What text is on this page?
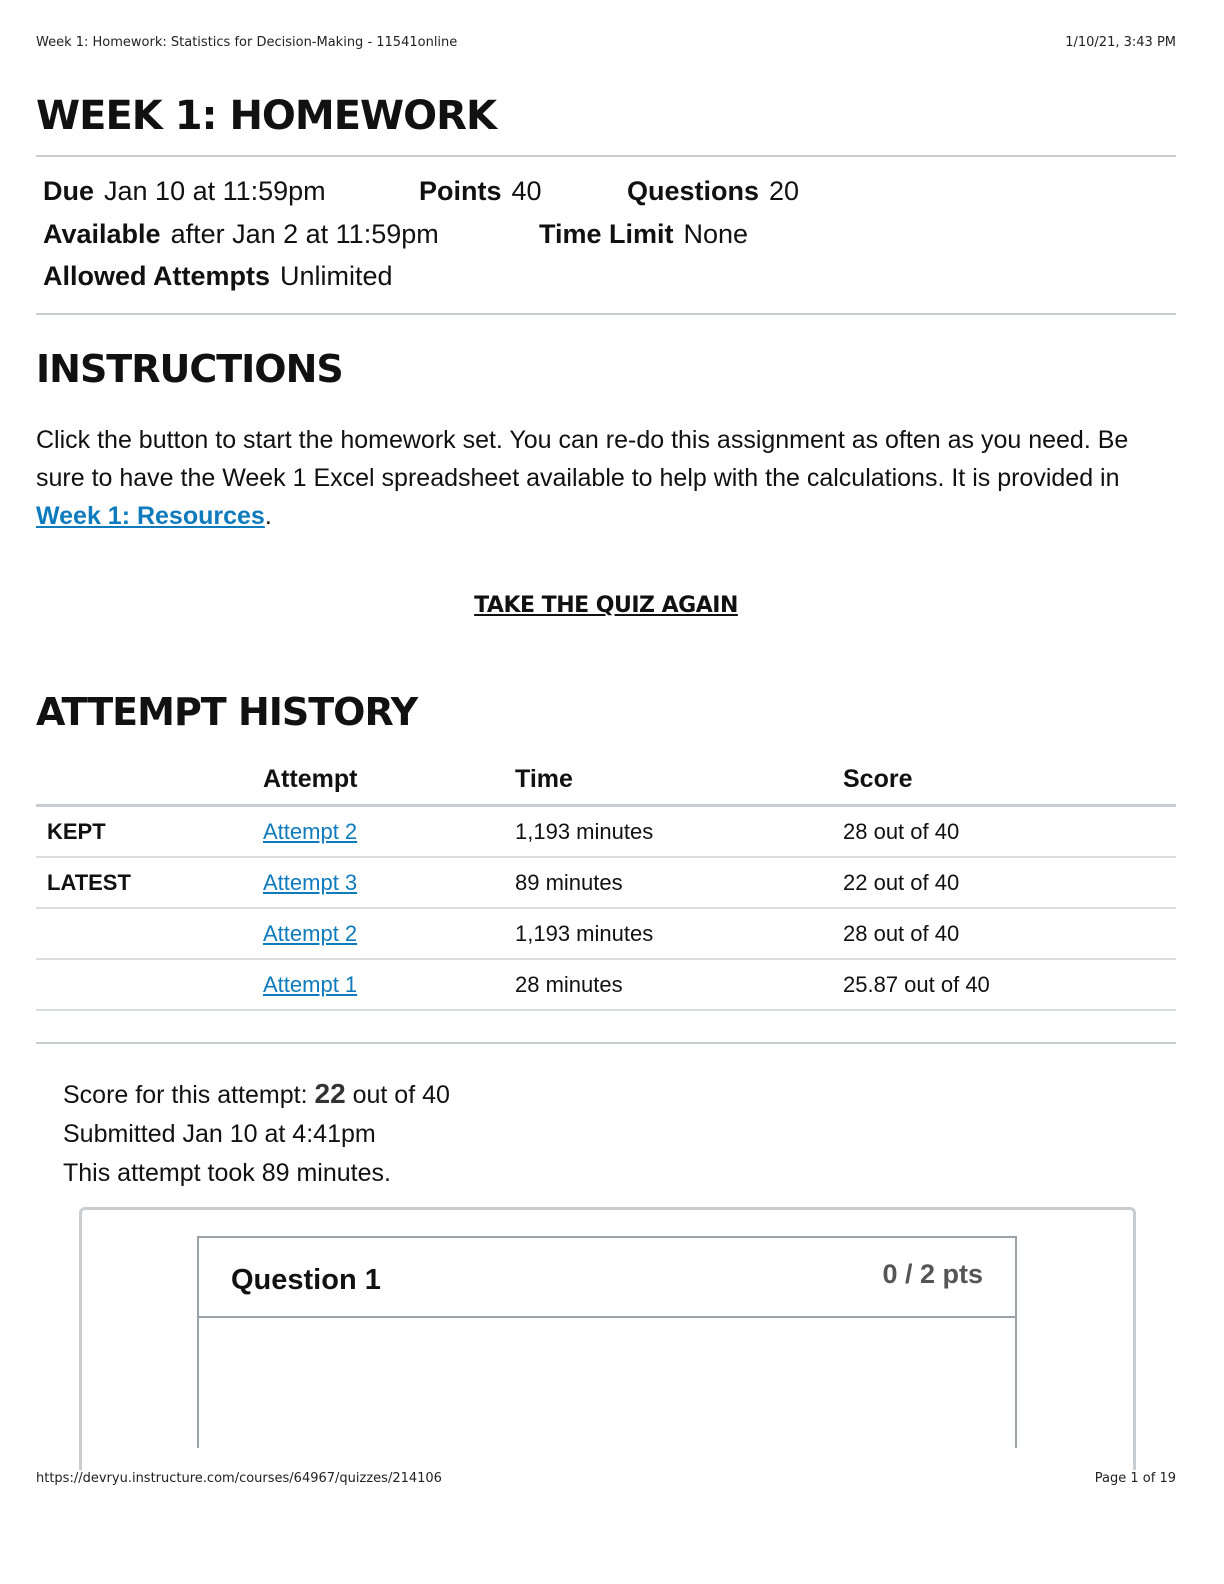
Week 1: Homework: Statistics for Decision-Making - 11541online	1/10/21, 3:43 PM
WEEK 1: HOMEWORK
Due Jan 10 at 11:59pm	Points 40	Questions 20
Available after Jan 2 at 11:59pm	Time Limit None
Allowed Attempts Unlimited
INSTRUCTIONS

Click the button to start the homework set. You can re-do this assignment as often as you need. Be sure to have the Week 1 Excel spreadsheet available to help with the calculations. It is provided in Week 1: Resources.

TAKE THE QUIZ AGAIN
ATTEMPT HISTORY
	Attempt	Time	Score
KEPT	Attempt 2	1,193 minutes	28 out of 40
LATEST	Attempt 3	89 minutes	22 out of 40
	Attempt 2	1,193 minutes	28 out of 40
	Attempt 1	28 minutes	25.87 out of 40
Score for this attempt: 22 out of 40
Submitted Jan 10 at 4:41pm
This attempt took 89 minutes.
Question 1	0 / 2 pts
https://devryu.instructure.com/courses/64967/quizzes/214106	Page 1 of 19
